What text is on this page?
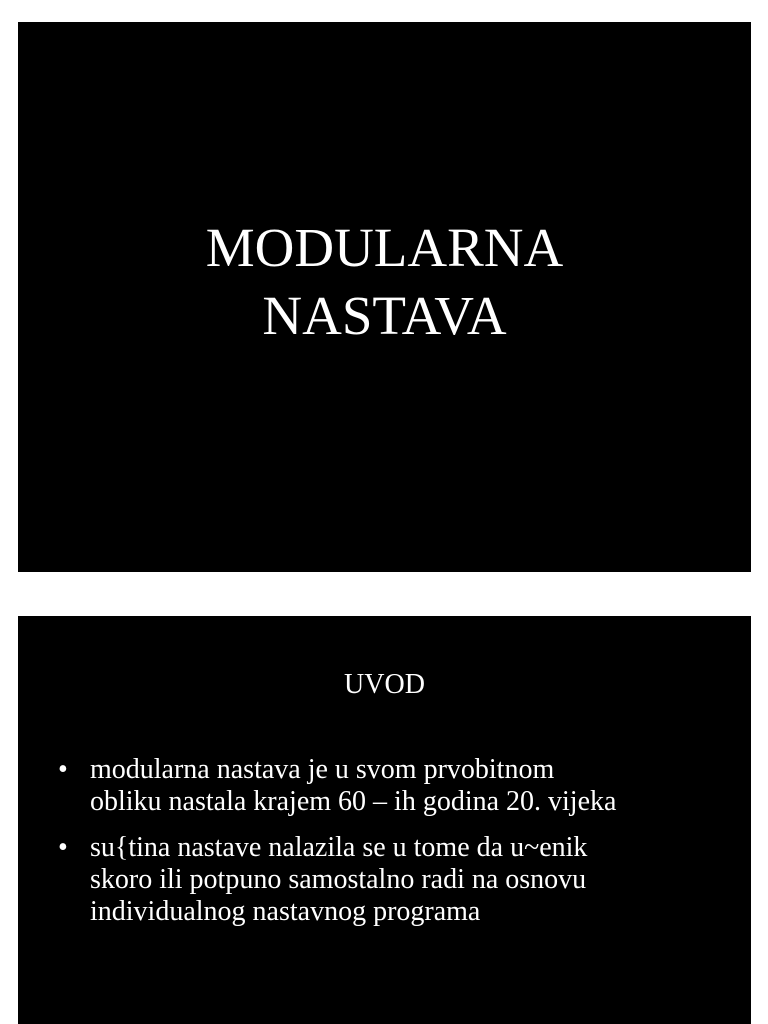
MODULARNA
NASTAVA
UVOD
• modularna nastava je u svom prvobitnom
obliku nastala krajem 60 – ih godina 20. vijeka
• su{tina nastave nalazila se u tome da u~enik
skoro ili potpuno samostalno radi na osnovu
individualnog nastavnog programa
